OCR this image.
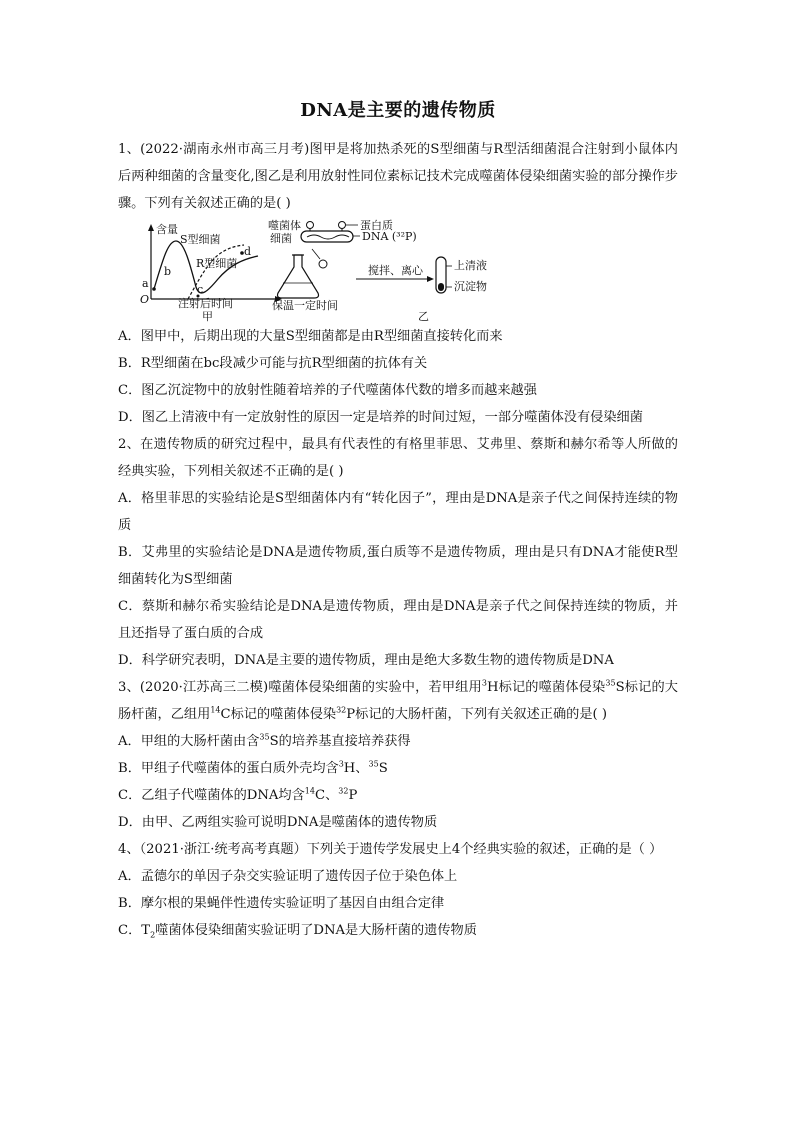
DNA是主要的遗传物质

1、(2022·湖南永州市高三月考)图甲是将加热杀死的S型细菌与R型活细菌混合注射到小鼠体内后两种细菌的含量变化,图乙是利用放射性同位素标记技术完成噬菌体侵染细菌实验的部分操作步骤。下列有关叙述正确的是( )

含量
S型细菌
d
R型细菌
b
a	c
O	注射后时间
甲
噬菌体	蛋白质
细菌	DNA (³²P)
搅拌、离心	上清液
沉淀物
保温一定时间
乙

A．图甲中，后期出现的大量S型细菌都是由R型细菌直接转化而来

B．R型细菌在bc段减少可能与抗R型细菌的抗体有关

C．图乙沉淀物中的放射性随着培养的子代噬菌体代数的增多而越来越强

D．图乙上清液中有一定放射性的原因一定是培养的时间过短，一部分噬菌体没有侵染细菌

2、在遗传物质的研究过程中，最具有代表性的有格里菲思、艾弗里、蔡斯和赫尔希等人所做的经典实验，下列相关叙述不正确的是( )

A．格里菲思的实验结论是S型细菌体内有“转化因子”，理由是DNA是亲子代之间保持连续的物质

B．艾弗里的实验结论是DNA是遗传物质,蛋白质等不是遗传物质，理由是只有DNA才能使R型细菌转化为S型细菌

C．蔡斯和赫尔希实验结论是DNA是遗传物质，理由是DNA是亲子代之间保持连续的物质，并且还指导了蛋白质的合成

D．科学研究表明，DNA是主要的遗传物质，理由是绝大多数生物的遗传物质是DNA

3、(2020·江苏高三二模)噬菌体侵染细菌的实验中，若甲组用$^3$H标记的噬菌体侵染$^{35}$S标记的大肠杆菌，乙组用$^{14}$C标记的噬菌体侵染$^{32}$P标记的大肠杆菌，下列有关叙述正确的是( )

A．甲组的大肠杆菌由含$^{35}$S的培养基直接培养获得

B．甲组子代噬菌体的蛋白质外壳均含$^3$H、$^{35}$S

C．乙组子代噬菌体的DNA均含$^{14}$C、$^{32}$P

D．由甲、乙两组实验可说明DNA是噬菌体的遗传物质

4、（2021·浙江·统考高考真题）下列关于遗传学发展史上4个经典实验的叙述，正确的是（ ）

A．孟德尔的单因子杂交实验证明了遗传因子位于染色体上

B．摩尔根的果蝇伴性遗传实验证明了基因自由组合定律

C．$T_2$噬菌体侵染细菌实验证明了DNA是大肠杆菌的遗传物质
